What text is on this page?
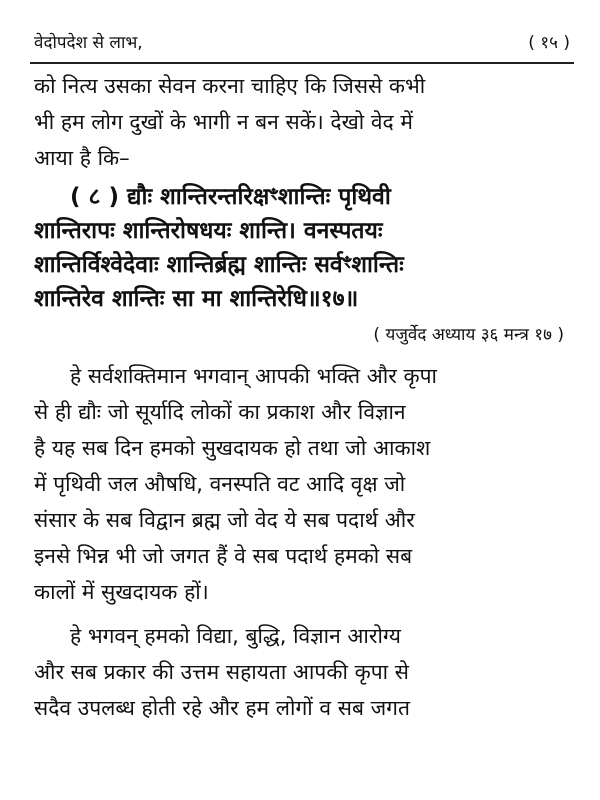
वेदोपदेश से लाभ,	( १५ )
को नित्य उसका सेवन करना चाहिए कि जिससे कभी
भी हम लोग दुखों के भागी न बन सकें। देखो वेद में
आया है कि–
( ८ ) द्यौः शान्तिरन्तरिक्षꣳशान्तिः पृथिवी
शान्तिरापः शान्तिरोषधयः शान्ति। वनस्पतयः
शान्तिर्विश्वेदेवाः शान्तिर्ब्रह्म शान्तिः सर्वꣳशान्तिः
शान्तिरेव शान्तिः सा मा शान्तिरेधि॥१७॥
( यजुर्वेद अध्याय ३६ मन्त्र १७ )
हे सर्वशक्तिमान भगवान् आपकी भक्ति और कृपा
से ही द्यौः जो सूर्यादि लोकों का प्रकाश और विज्ञान
है यह सब दिन हमको सुखदायक हो तथा जो आकाश
में पृथिवी जल औषधि, वनस्पति वट आदि वृक्ष जो
संसार के सब विद्वान ब्रह्म जो वेद ये सब पदार्थ और
इनसे भिन्न भी जो जगत हैं वे सब पदार्थ हमको सब
कालों में सुखदायक हों।
हे भगवन् हमको विद्या, बुद्धि, विज्ञान आरोग्य
और सब प्रकार की उत्तम सहायता आपकी कृपा से
सदैव उपलब्ध होती रहे और हम लोगों व सब जगत
